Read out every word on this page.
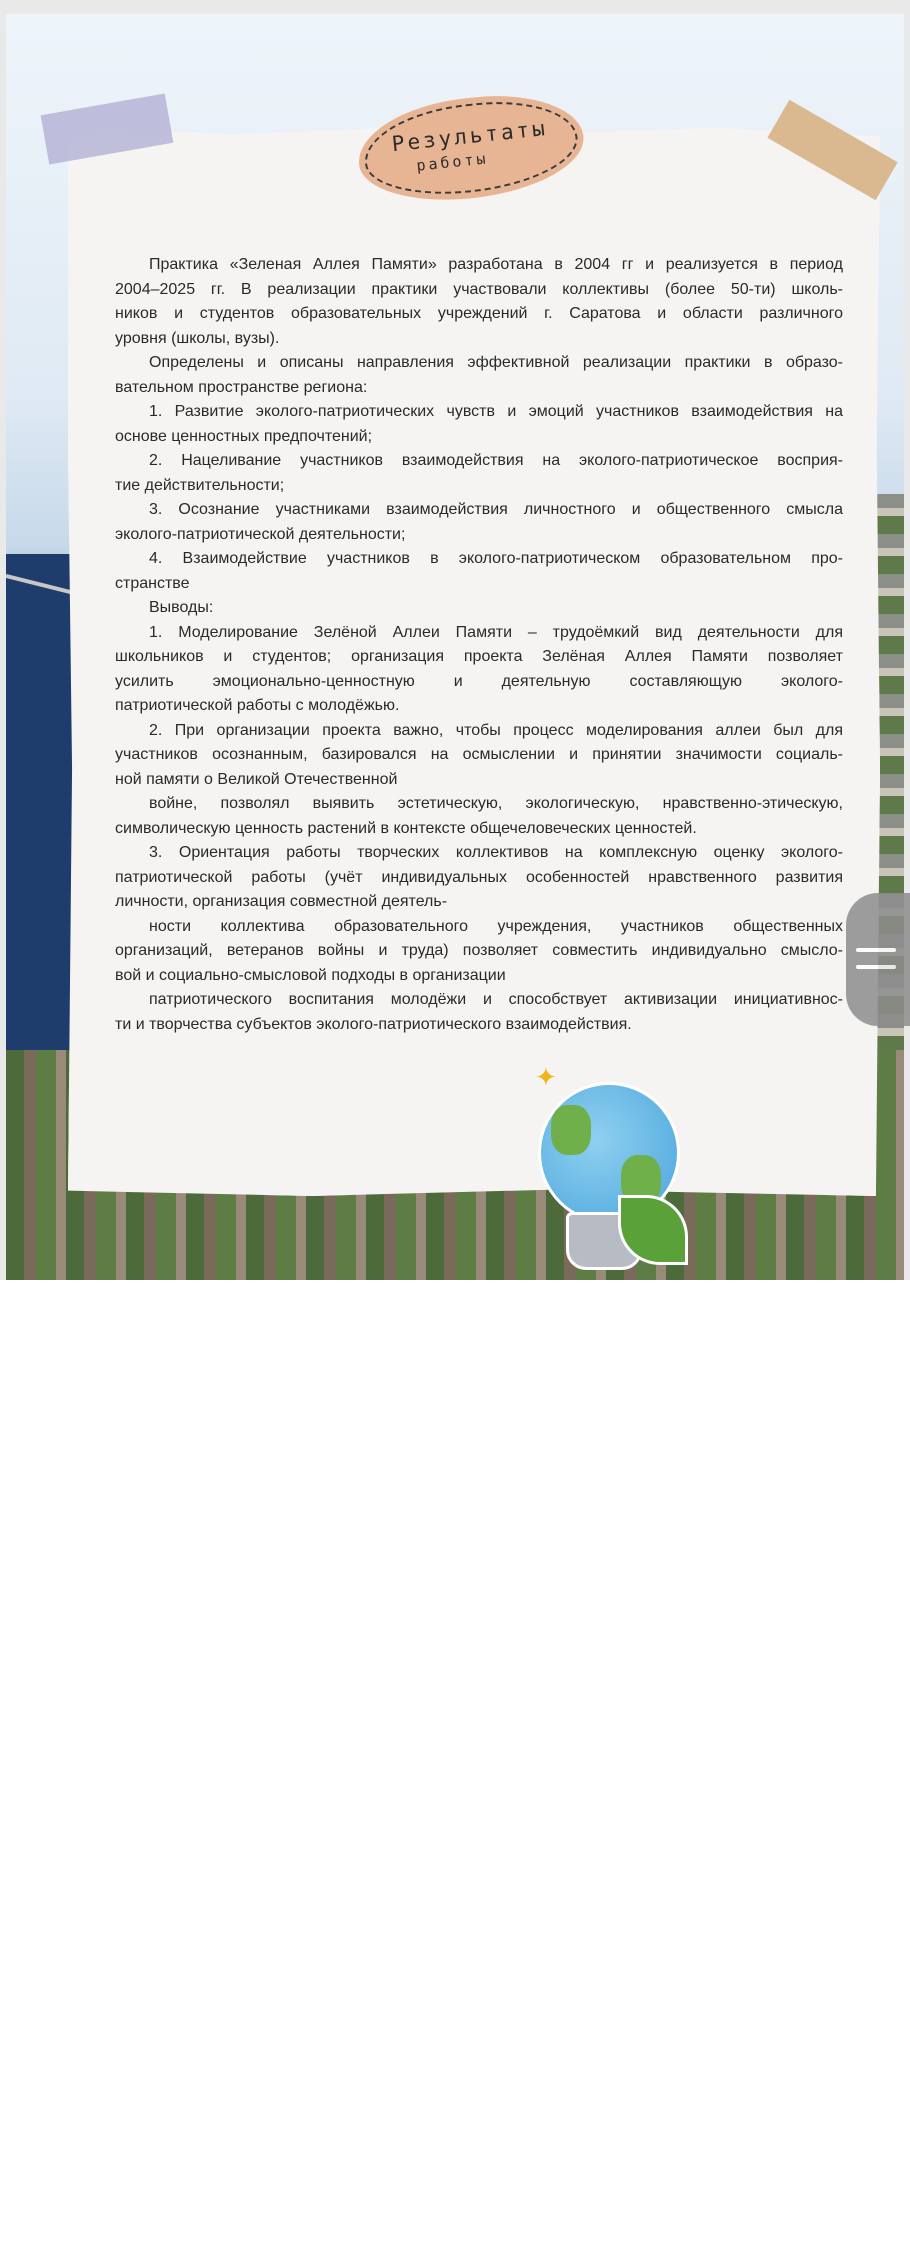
Результаты
работы
Практика «Зеленая Аллея Памяти» разработана в 2004 гг и реализуется в период
2004–2025 гг. В реализации практики участвовали коллективы (более 50-ти) школь-
ников и студентов образовательных учреждений г. Саратова и области различного
уровня (школы, вузы).
Определены и описаны направления эффективной реализации практики в образо-
вательном пространстве региона:
1. Развитие эколого-патриотических чувств и эмоций участников взаимодействия на
основе ценностных предпочтений;
2. Нацеливание участников взаимодействия на эколого-патриотическое восприя-
тие действительности;
3. Осознание участниками взаимодействия личностного и общественного смысла
эколого-патриотической деятельности;
4. Взаимодействие участников в эколого-патриотическом образовательном про-
странстве
Выводы:
1. Моделирование Зелёной Аллеи Памяти – трудоёмкий вид деятельности для
школьников и студентов; организация проекта Зелёная Аллея Памяти позволяет
усилить эмоционально-ценностную и деятельную составляющую эколого-
патриотической работы с молодёжью.
2. При организации проекта важно, чтобы процесс моделирования аллеи был для
участников осознанным, базировался на осмыслении и принятии значимости социаль-
ной памяти о Великой Отечественной
войне, позволял выявить эстетическую, экологическую, нравственно-этическую,
символическую ценность растений в контексте общечеловеческих ценностей.
3. Ориентация работы творческих коллективов на комплексную оценку эколого-
патриотической работы (учёт индивидуальных особенностей нравственного развития
личности, организация совместной деятель-
ности коллектива образовательного учреждения, участников общественных
организаций, ветеранов войны и труда) позволяет совместить индивидуально смысло-
вой и социально-смысловой подходы в организации
патриотического воспитания молодёжи и способствует активизации инициативнос-
ти и творчества субъектов эколого-патриотического взаимодействия.
✦
